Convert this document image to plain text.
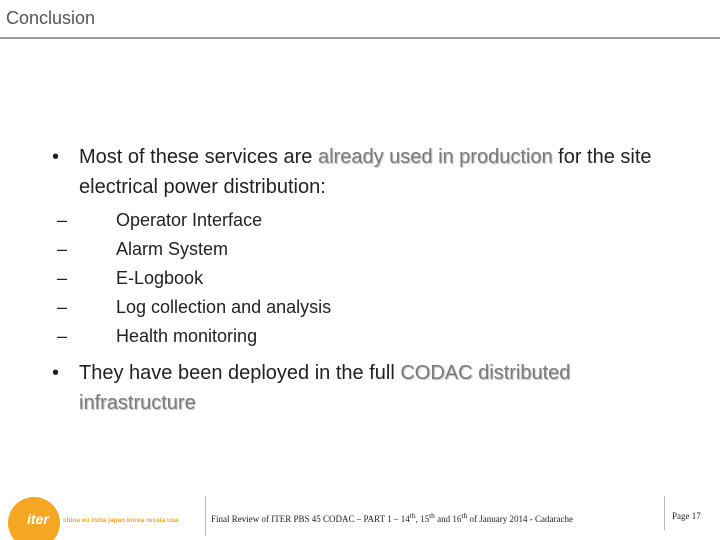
Conclusion
• Most of these services are already used in production for the site electrical power distribution:
–	Operator Interface
–	Alarm System
–	E-Logbook
–	Log collection and analysis
–	Health monitoring
• They have been deployed in the full CODAC distributed infrastructure
iter china eu india japan korea russia usa	Final Review of ITER PBS 45 CODAC – PART 1 – 14th, 15th and 16th of January 2014 - Cadarache	Page 17
